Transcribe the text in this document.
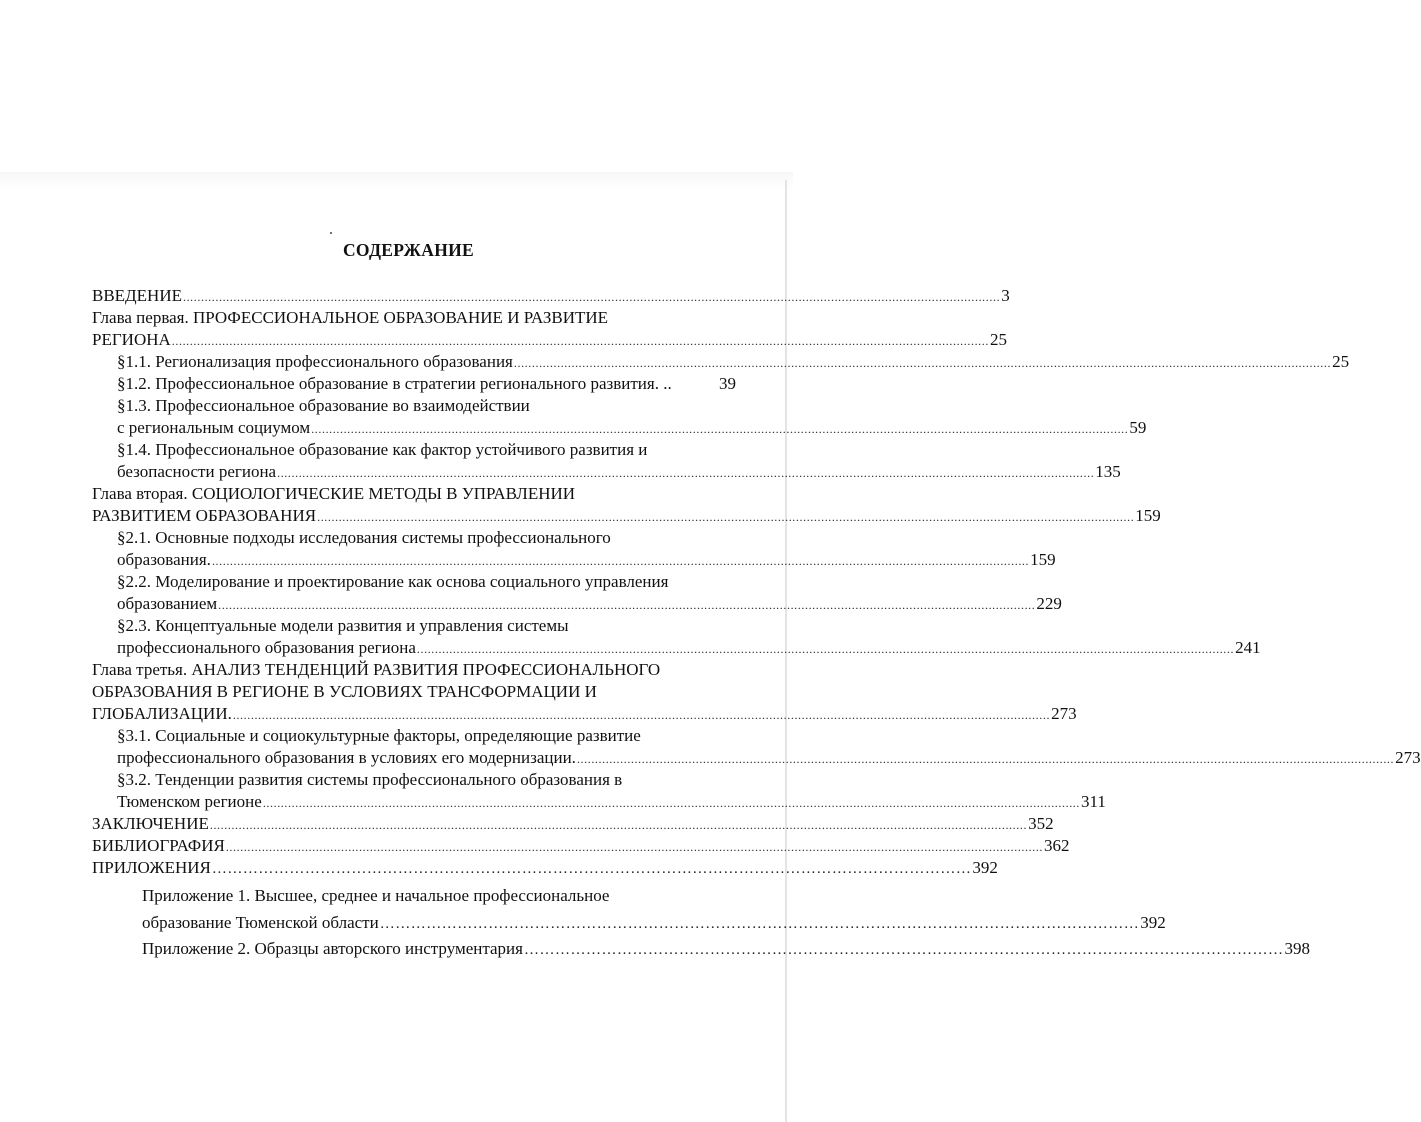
СОДЕРЖАНИЕ
ВВЕДЕНИЕ ................................................................................................................................................................................................................................... 3
Глава первая. ПРОФЕССИОНАЛЬНОЕ ОБРАЗОВАНИЕ И РАЗВИТИЕ
РЕГИОНА ................................................................................................................................................................................................................................... 25
§1.1. Регионализация профессионального образования ................................................................................................................................................................................................................................... 25
§1.2. Профессиональное образование в стратегии регионального развития. ..	39
§1.3. Профессиональное образование во взаимодействии
с региональным социумом ................................................................................................................................................................................................................................... 59
§1.4. Профессиональное образование как фактор устойчивого развития и
безопасности региона ................................................................................................................................................................................................................................... 135
Глава вторая. СОЦИОЛОГИЧЕСКИЕ МЕТОДЫ В УПРАВЛЕНИИ
РАЗВИТИЕМ ОБРАЗОВАНИЯ ................................................................................................................................................................................................................................... 159
§2.1. Основные подходы исследования системы профессионального
образования. ................................................................................................................................................................................................................................... 159
§2.2. Моделирование и проектирование как основа социального управления
образованием ................................................................................................................................................................................................................................... 229
§2.3. Концептуальные модели развития и управления системы
профессионального образования региона ................................................................................................................................................................................................................................... 241
Глава третья. АНАЛИЗ ТЕНДЕНЦИЙ РАЗВИТИЯ ПРОФЕССИОНАЛЬНОГО
ОБРАЗОВАНИЯ В РЕГИОНЕ В УСЛОВИЯХ ТРАНСФОРМАЦИИ И
ГЛОБАЛИЗАЦИИ. ................................................................................................................................................................................................................................... 273
§3.1. Социальные и социокультурные факторы, определяющие развитие
профессионального образования в условиях его модернизации. ................................................................................................................................................................................................................................... 273
§3.2. Тенденции развития системы профессионального образования в
Тюменском регионе ................................................................................................................................................................................................................................... 311
ЗАКЛЮЧЕНИЕ ................................................................................................................................................................................................................................... 352
БИБЛИОГРАФИЯ ................................................................................................................................................................................................................................... 362
ПРИЛОЖЕНИЯ ………………………………………………………………………………………………………………………………… 392
Приложение 1. Высшее, среднее и начальное профессиональное
образование Тюменской области ………………………………………………………………………………………………………………………………… 392
Приложение 2. Образцы авторского инструментария ………………………………………………………………………………………………………………………………… 398
